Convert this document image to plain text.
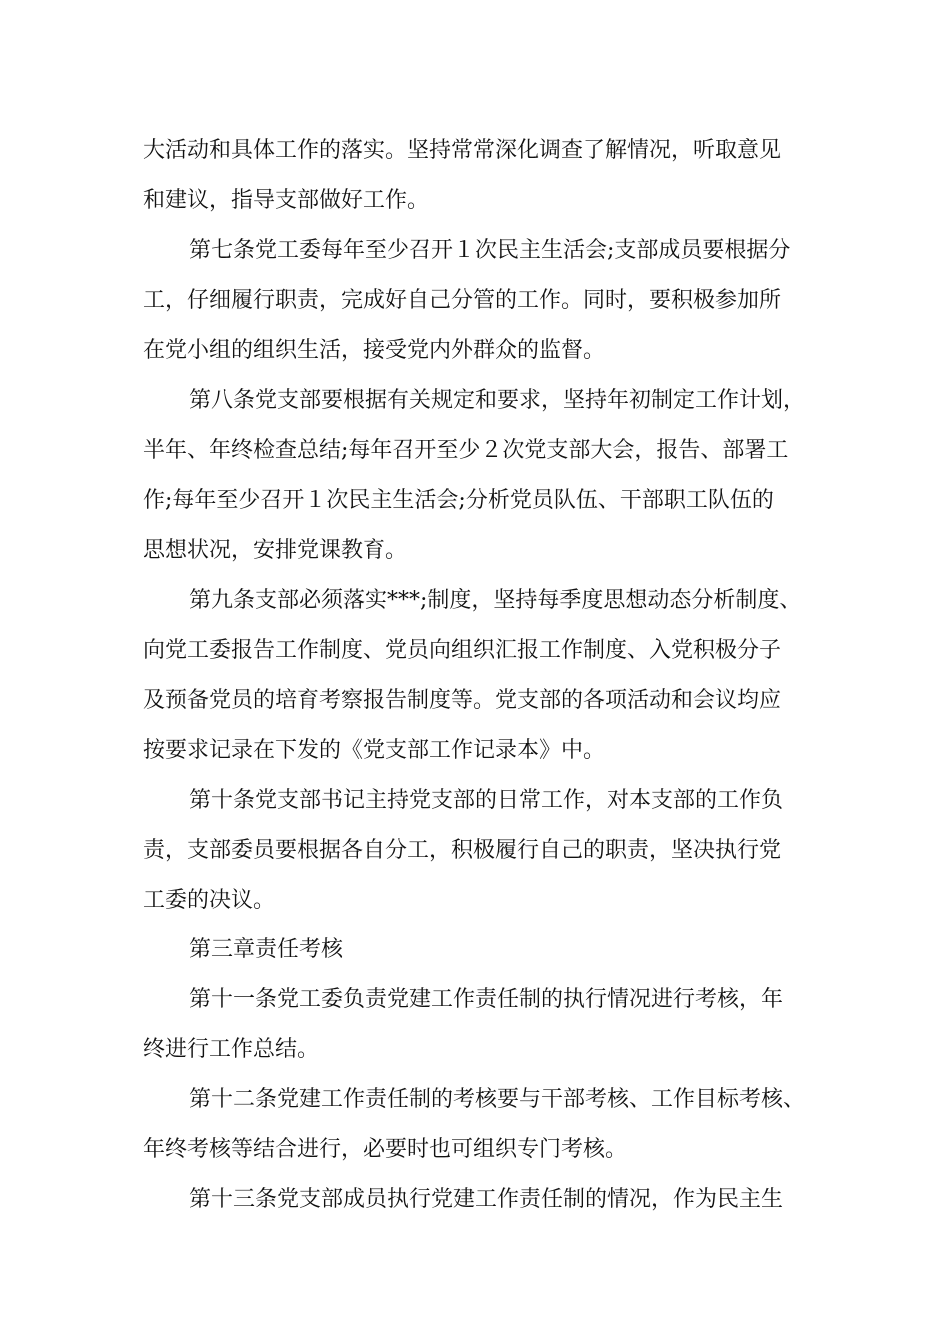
大活动和具体工作的落实。坚持常常深化调查了解情况，听取意见
和建议，指导支部做好工作。
第七条党工委每年至少召开１次民主生活会;支部成员要根据分
工，仔细履行职责，完成好自己分管的工作。同时，要积极参加所
在党小组的组织生活，接受党内外群众的监督。
第八条党支部要根据有关规定和要求，坚持年初制定工作计划，
半年、年终检查总结;每年召开至少２次党支部大会，报告、部署工
作;每年至少召开１次民主生活会;分析党员队伍、干部职工队伍的
思想状况，安排党课教育。
第九条支部必须落实***;制度，坚持每季度思想动态分析制度、
向党工委报告工作制度、党员向组织汇报工作制度、入党积极分子
及预备党员的培育考察报告制度等。党支部的各项活动和会议均应
按要求记录在下发的《党支部工作记录本》中。
第十条党支部书记主持党支部的日常工作，对本支部的工作负
责，支部委员要根据各自分工，积极履行自己的职责，坚决执行党
工委的决议。
第三章责任考核
第十一条党工委负责党建工作责任制的执行情况进行考核，年
终进行工作总结。
第十二条党建工作责任制的考核要与干部考核、工作目标考核、
年终考核等结合进行，必要时也可组织专门考核。
第十三条党支部成员执行党建工作责任制的情况，作为民主生
